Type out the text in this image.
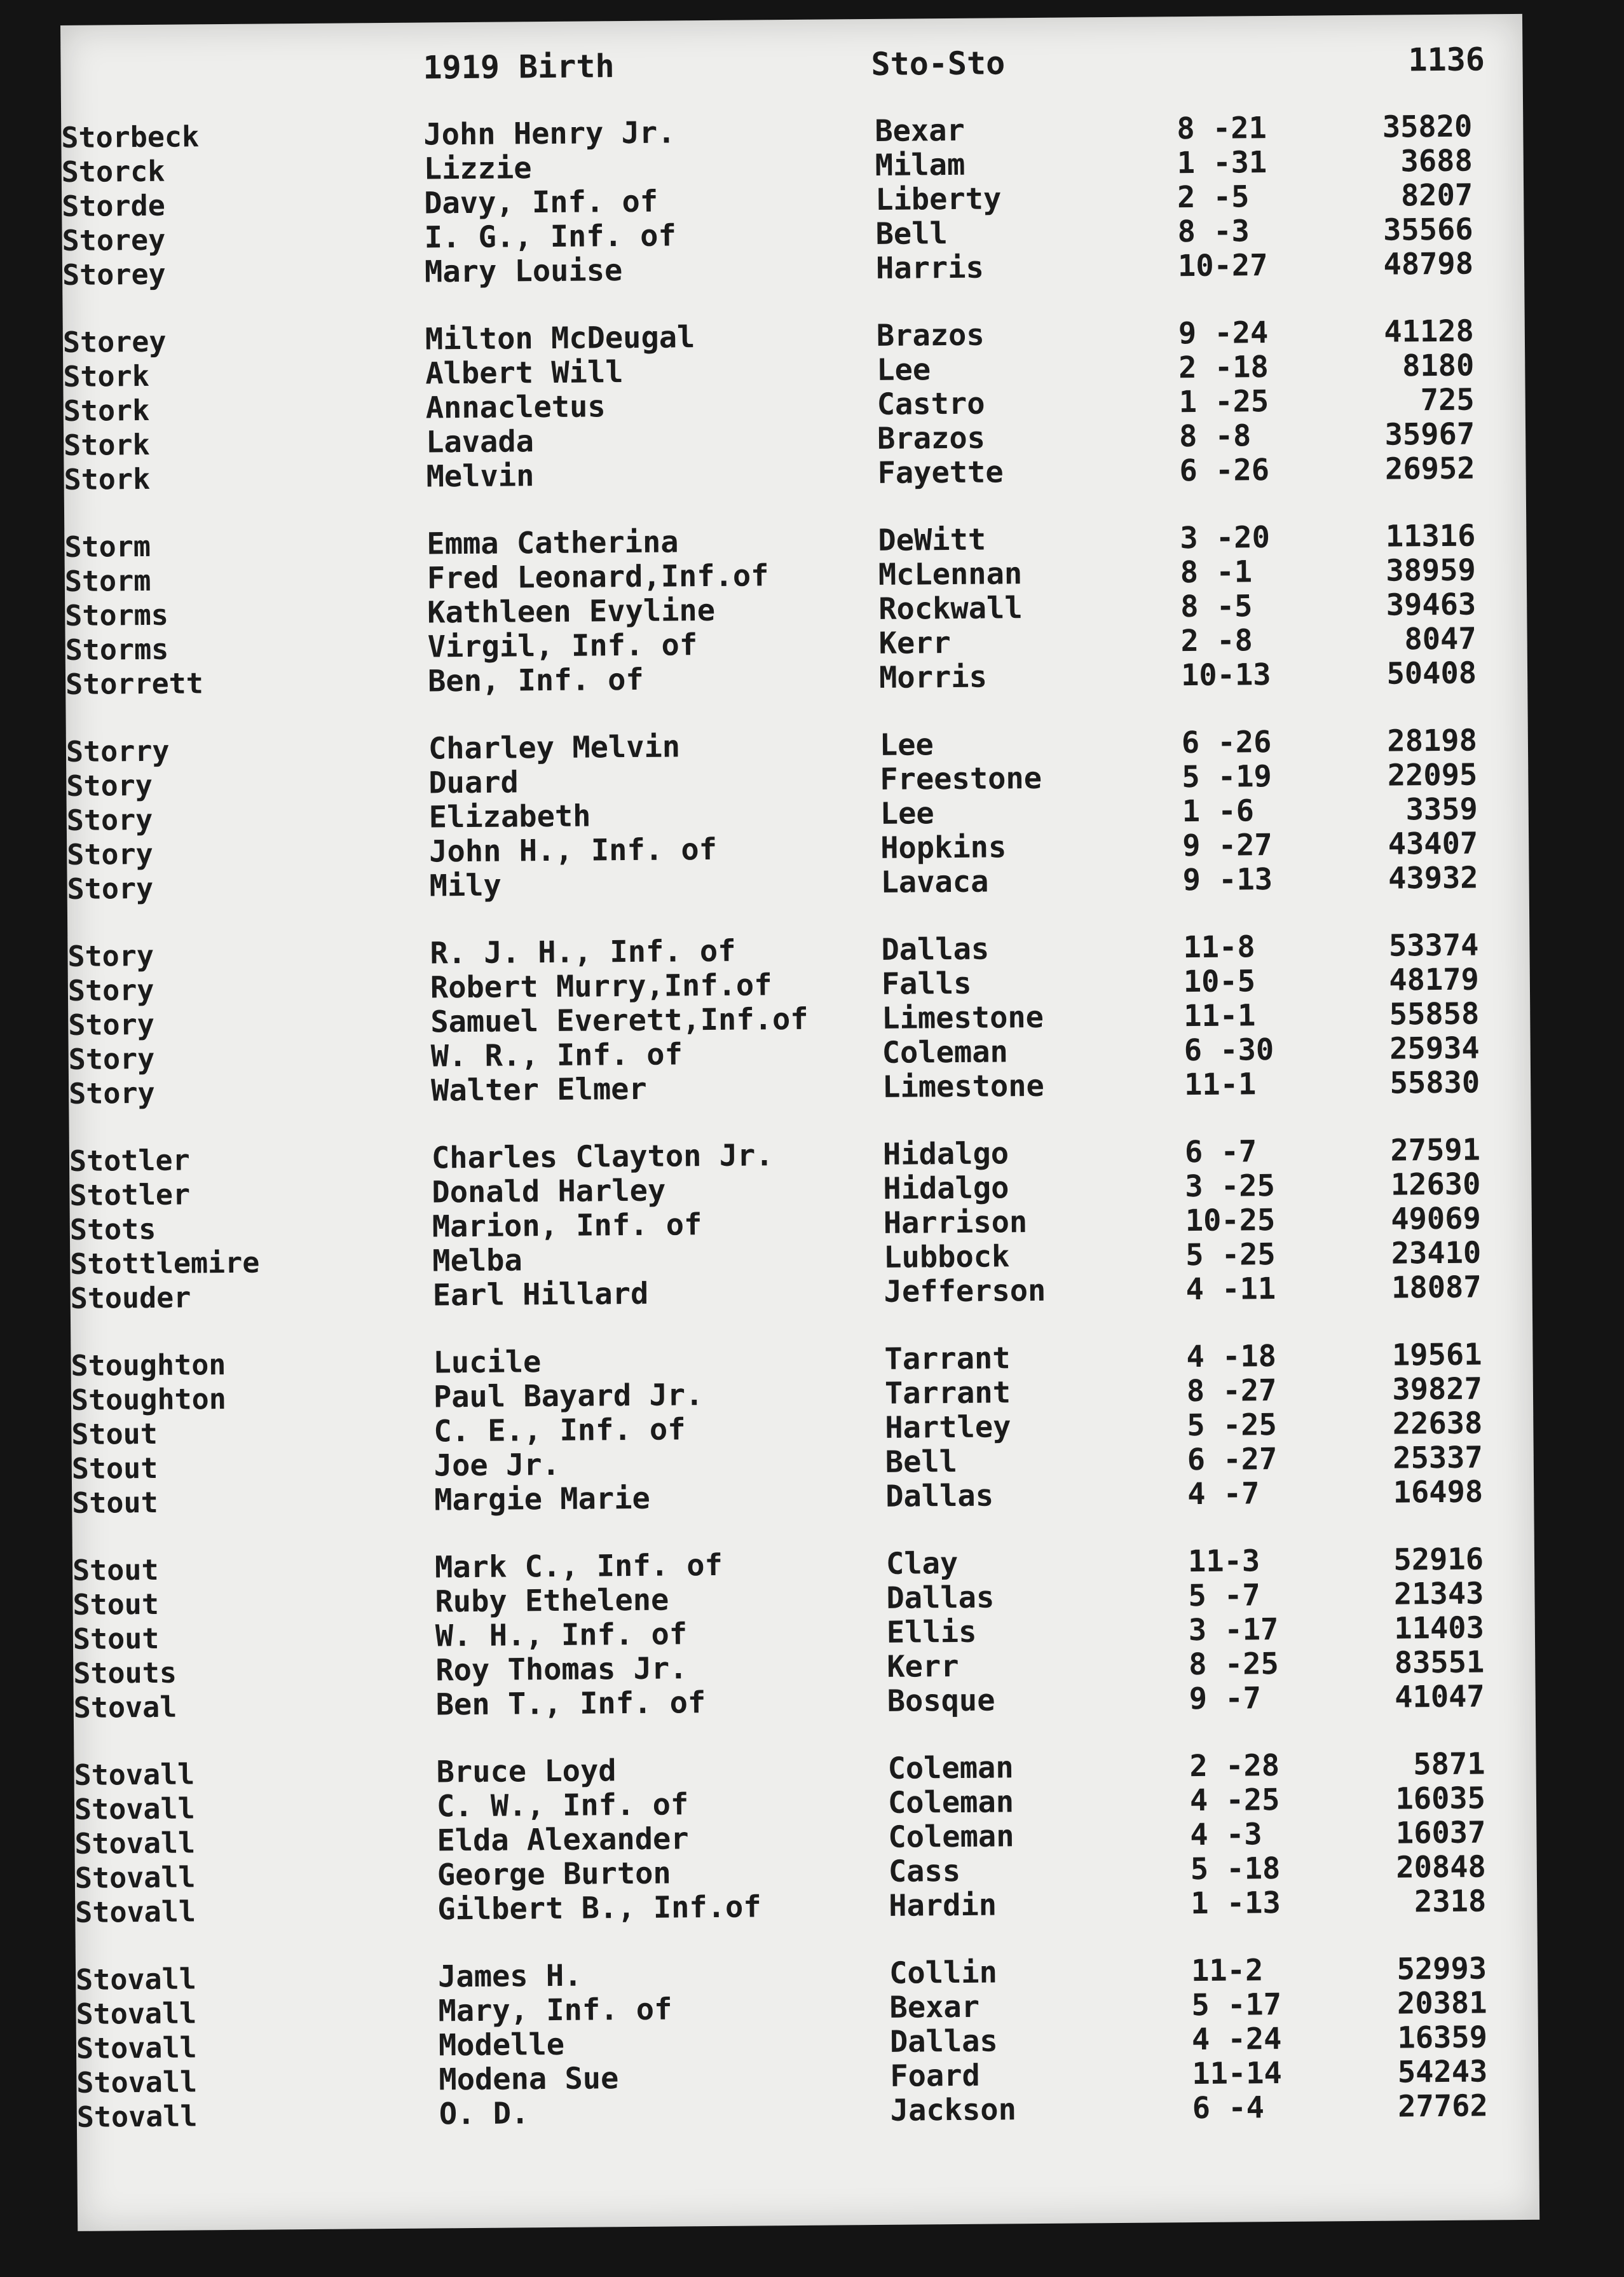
1919 Birth	Sto-Sto	1136
Storbeck	John Henry Jr.	Bexar	8 -21	35820
Storck	Lizzie	Milam	1 -31	3688
Storde	Davy, Inf. of	Liberty	2 -5	8207
Storey	I. G., Inf. of	Bell	8 -3	35566
Storey	Mary Louise	Harris	10-27	48798
Storey	Milton McDeugal	Brazos	9 -24	41128
Stork	Albert Will	Lee	2 -18	8180
Stork	Annacletus	Castro	1 -25	725
Stork	Lavada	Brazos	8 -8	35967
Stork	Melvin	Fayette	6 -26	26952
Storm	Emma Catherina	DeWitt	3 -20	11316
Storm	Fred Leonard,Inf.of	McLennan	8 -1	38959
Storms	Kathleen Evyline	Rockwall	8 -5	39463
Storms	Virgil, Inf. of	Kerr	2 -8	8047
Storrett	Ben, Inf. of	Morris	10-13	50408
Storry	Charley Melvin	Lee	6 -26	28198
Story	Duard	Freestone	5 -19	22095
Story	Elizabeth	Lee	1 -6	3359
Story	John H., Inf. of	Hopkins	9 -27	43407
Story	Mily	Lavaca	9 -13	43932
Story	R. J. H., Inf. of	Dallas	11-8	53374
Story	Robert Murry,Inf.of	Falls	10-5	48179
Story	Samuel Everett,Inf.of	Limestone	11-1	55858
Story	W. R., Inf. of	Coleman	6 -30	25934
Story	Walter Elmer	Limestone	11-1	55830
Stotler	Charles Clayton Jr.	Hidalgo	6 -7	27591
Stotler	Donald Harley	Hidalgo	3 -25	12630
Stots	Marion, Inf. of	Harrison	10-25	49069
Stottlemire	Melba	Lubbock	5 -25	23410
Stouder	Earl Hillard	Jefferson	4 -11	18087
Stoughton	Lucile	Tarrant	4 -18	19561
Stoughton	Paul Bayard Jr.	Tarrant	8 -27	39827
Stout	C. E., Inf. of	Hartley	5 -25	22638
Stout	Joe Jr.	Bell	6 -27	25337
Stout	Margie Marie	Dallas	4 -7	16498
Stout	Mark C., Inf. of	Clay	11-3	52916
Stout	Ruby Ethelene	Dallas	5 -7	21343
Stout	W. H., Inf. of	Ellis	3 -17	11403
Stouts	Roy Thomas Jr.	Kerr	8 -25	83551
Stoval	Ben T., Inf. of	Bosque	9 -7	41047
Stovall	Bruce Loyd	Coleman	2 -28	5871
Stovall	C. W., Inf. of	Coleman	4 -25	16035
Stovall	Elda Alexander	Coleman	4 -3	16037
Stovall	George Burton	Cass	5 -18	20848
Stovall	Gilbert B., Inf.of	Hardin	1 -13	2318
Stovall	James H.	Collin	11-2	52993
Stovall	Mary, Inf. of	Bexar	5 -17	20381
Stovall	Modelle	Dallas	4 -24	16359
Stovall	Modena Sue	Foard	11-14	54243
Stovall	O. D.	Jackson	6 -4	27762
